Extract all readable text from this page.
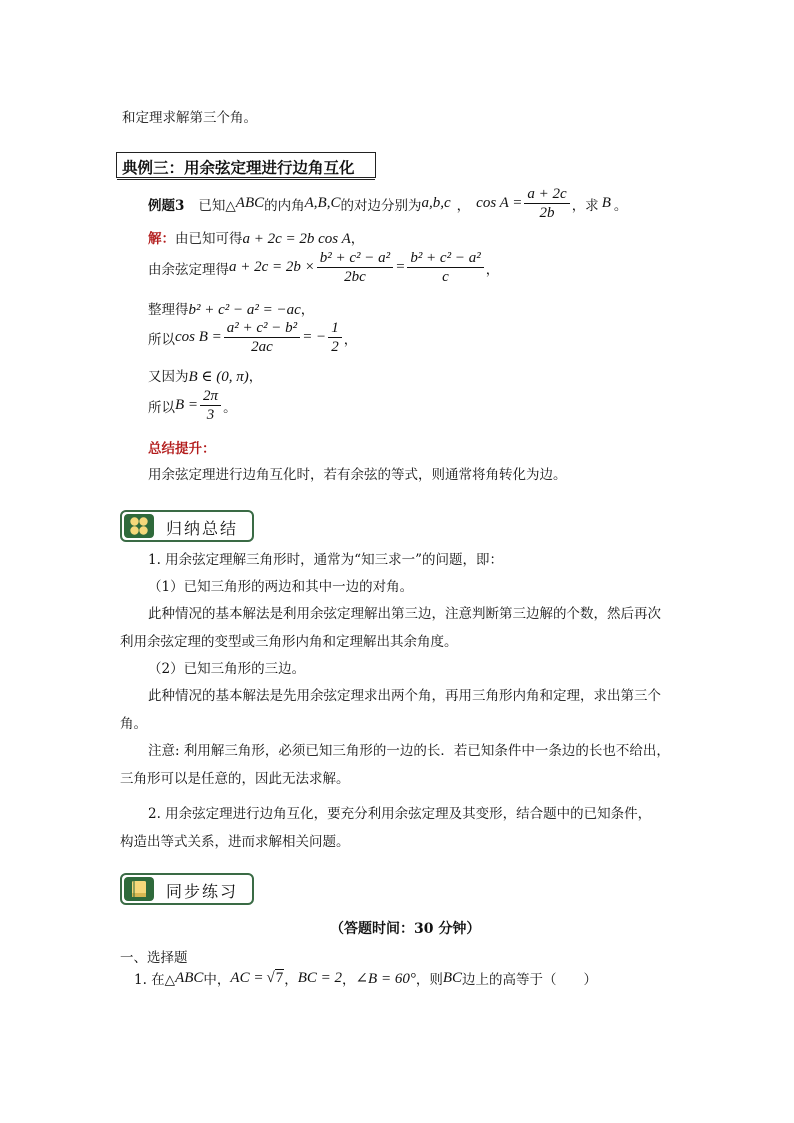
和定理求解第三个角。
典例三：用余弦定理进行边角互化
例题3 已知△ ABC 的内角 A,B,C 的对边分别为 a,b,c ， $\cos A = \frac{a + 2c}{2b}$ ，求 B 。
解：由已知可得a + 2c = 2b cos A，
由余弦定理得 $a + 2c = 2b \times \frac{\text{b² + c² − a²}}{2bc} = \frac{\text{b² + c² − a²}}{c}$ ，
整理得b² + c² − a² = −ac，
所以 $\cos B = \frac{\text{a² + c² − b²}}{2ac}$ = − $\frac{1}{2}$ ，
又因为B ∈ (0, π)，
所以 $B = \frac{2\pi}{3}$ 。
总结提升：
用余弦定理进行边角互化时，若有余弦的等式，则通常将角转化为边。
归纳总结
1. 用余弦定理解三角形时，通常为“知三求一”的问题，即：
（1）已知三角形的两边和其中一边的对角。
此种情况的基本解法是利用余弦定理解出第三边，注意判断第三边解的个数，然后再次
利用余弦定理的变型或三角形内角和定理解出其余角度。
（2）已知三角形的三边。
此种情况的基本解法是先用余弦定理求出两个角，再用三角形内角和定理，求出第三个
角。
注意: 利用解三角形，必须已知三角形的一边的长．若已知条件中一条边的长也不给出，
三角形可以是任意的，因此无法求解。
2. 用余弦定理进行边角互化，要充分利用余弦定理及其变形，结合题中的已知条件，
构造出等式关系，进而求解相关问题。
同步练习
（答题时间：30 分钟）
一、选择题
1. 在△ ABC 中， AC = √ 7 ， BC = 2 ， ∠B = 60° ，则 BC 边上的高等于（　　）
